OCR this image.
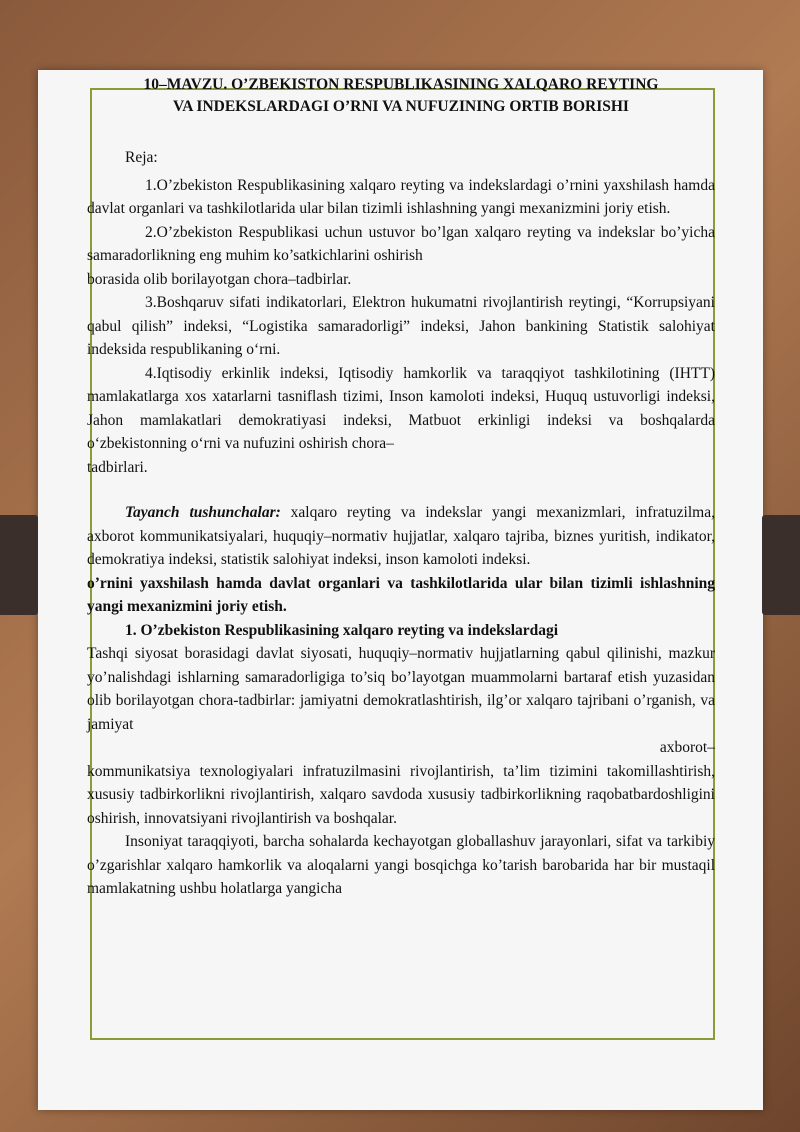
10–MAVZU. O’ZBEKISTON RESPUBLIKASINING XALQARO REYTING
VA INDEKSLARDAGI O’RNI VA NUFUZINING ORTIB BORISHI
Reja:

1.O’zbekiston Respublikasining xalqaro reyting va indekslardagi o’rnini yaxshilash hamda davlat organlari va tashkilotlarida ular bilan tizimli ishlashning yangi mexanizmini joriy etish.

2.O’zbekiston Respublikasi uchun ustuvor bo’lgan xalqaro reyting va indekslar bo’yicha samaradorlikning eng muhim ko’satkichlarini oshirish

borasida olib borilayotgan chora–tadbirlar.

3.Boshqaruv sifati indikatorlari, Elektron hukumatni rivojlantirish reytingi, “Korrupsiyani qabul qilish” indeksi, “Logistika samaradorligi” indeksi, Jahon bankining Statistik salohiyat indeksida respublikaning o‘rni.

4.Iqtisodiy erkinlik indeksi, Iqtisodiy hamkorlik va taraqqiyot tashkilotining (IHTT) mamlakatlarga xos xatarlarni tasniflash tizimi, Inson kamoloti indeksi, Huquq ustuvorligi indeksi, Jahon mamlakatlari demokratiyasi indeksi, Matbuot erkinligi indeksi va boshqalarda o‘zbekistonning o‘rni va nufuzini oshirish chora–

tadbirlari.

Tayanch tushunchalar: xalqaro reyting va indekslar yangi mexanizmlari, infratuzilma, axborot kommunikatsiyalari, huquqiy–normativ hujjatlar, xalqaro tajriba, biznes yuritish, indikator, demokratiya indeksi, statistik salohiyat indeksi, inson kamoloti indeksi.

o’rnini yaxshilash hamda davlat organlari va tashkilotlarida ular bilan tizimli ishlashning yangi mexanizmini joriy etish.

1. O’zbekiston Respublikasining xalqaro reyting va indekslardagi

Tashqi siyosat borasidagi davlat siyosati, huquqiy–normativ hujjatlarning qabul qilinishi, mazkur yo’nalishdagi ishlarning samaradorligiga to’siq bo’layotgan muammolarni bartaraf etish yuzasidan olib borilayotgan chora-tadbirlar: jamiyatni demokratlashtirish, ilg’or xalqaro tajribani o’rganish, va jamiyat

axborot–

kommunikatsiya texnologiyalari infratuzilmasini rivojlantirish, ta’lim tizimini takomillashtirish, xususiy tadbirkorlikni rivojlantirish, xalqaro savdoda xususiy tadbirkorlikning raqobatbardoshligini oshirish, innovatsiyani rivojlantirish va boshqalar.

Insoniyat taraqqiyoti, barcha sohalarda kechayotgan globallashuv jarayonlari, sifat va tarkibiy o’zgarishlar xalqaro hamkorlik va aloqalarni yangi bosqichga ko’tarish barobarida har bir mustaqil mamlakatning ushbu holatlarga yangicha
